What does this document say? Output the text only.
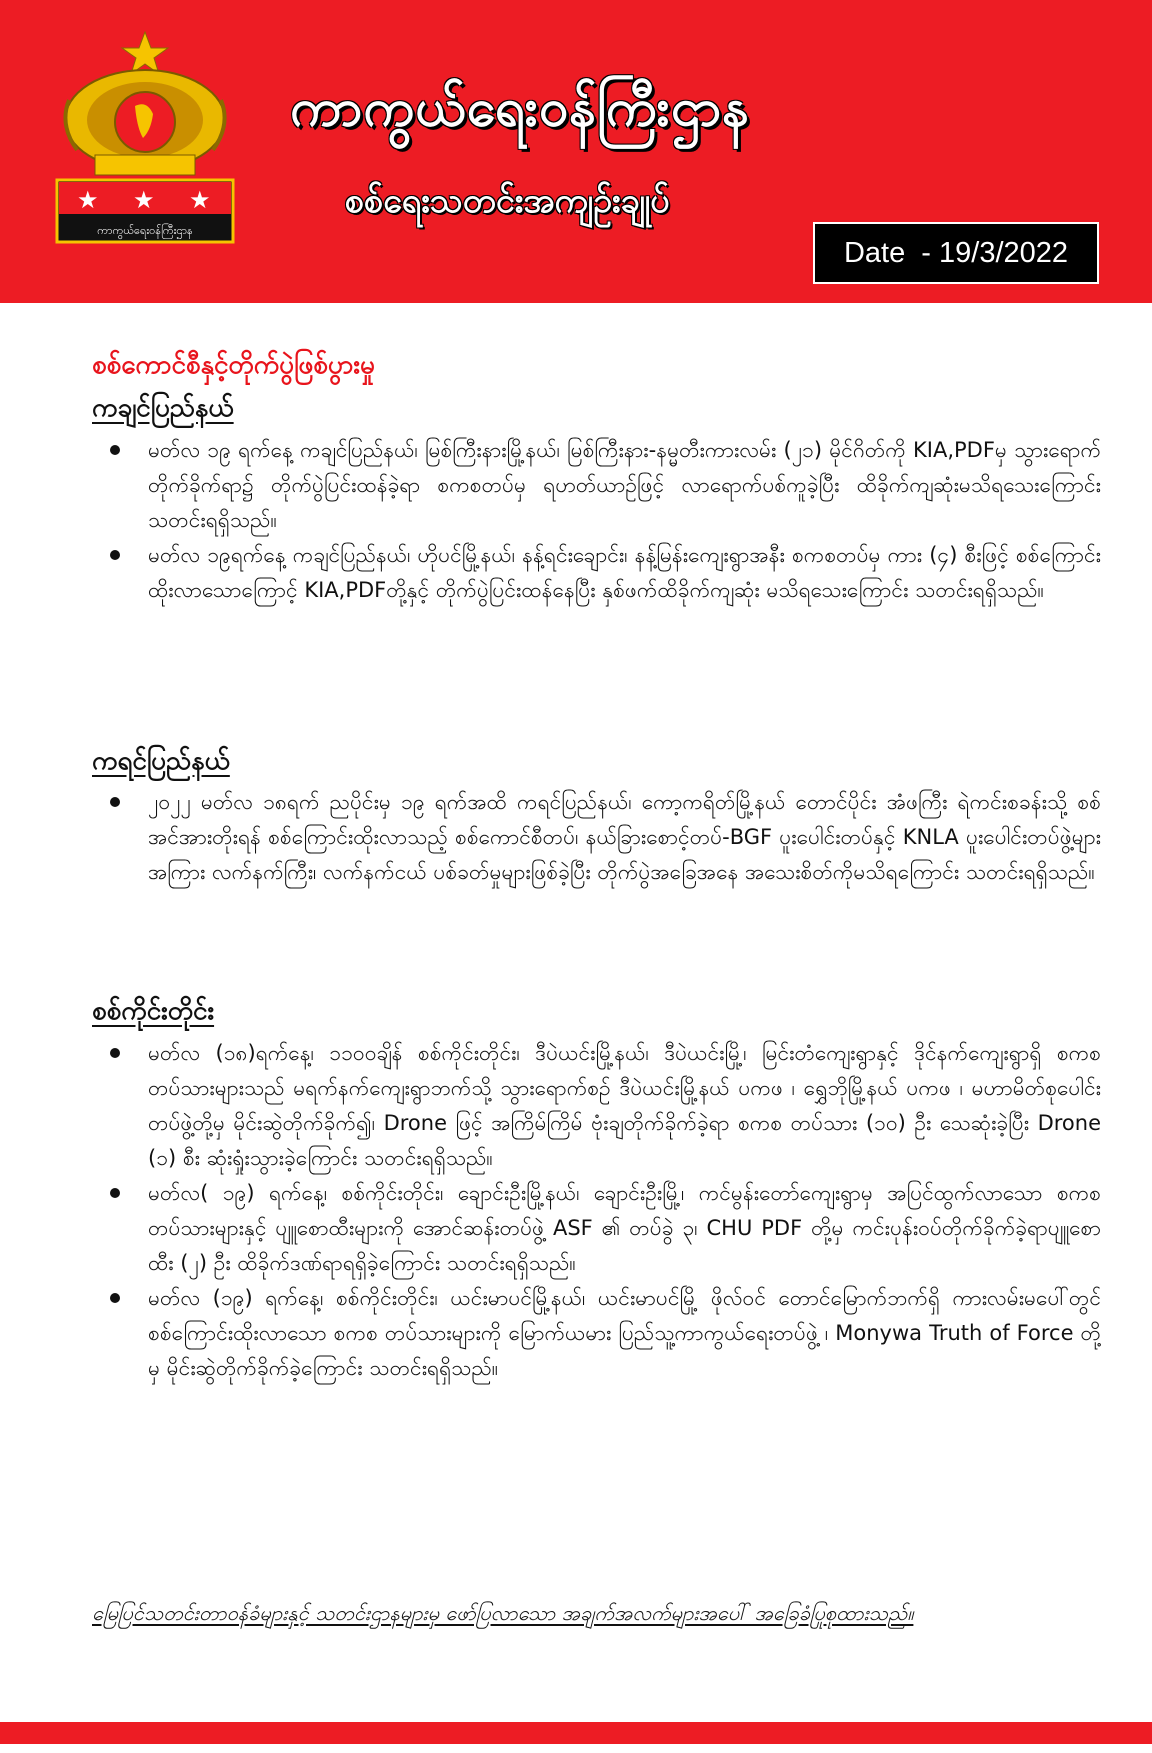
★ ★ ★
ကာကွယ်ရေးဝန်ကြီးဌာန
ကာကွယ်ရေးဝန်ကြီးဌာန
စစ်ရေးသတင်းအကျဉ်းချုပ်
Date  - 19/3/2022
စစ်ကောင်စီနှင့်တိုက်ပွဲဖြစ်ပွားမှု
ကချင်ပြည်နယ်
မတ်လ ၁၉ ရက်နေ့ ကချင်ပြည်နယ်၊ မြစ်ကြီးနားမြို့နယ်၊ မြစ်ကြီးနား-နမ္မတီးကားလမ်း (၂၁) မိုင်ဂိတ်ကို KIA,PDFမှ သွားရောက်တိုက်ခိုက်ရာ၌ တိုက်ပွဲပြင်းထန်ခဲ့ရာ စကစတပ်မှ ရဟတ်ယာဉ်ဖြင့် လာရောက်ပစ်ကူခဲ့ပြီး ထိခိုက်ကျဆုံးမသိရသေးကြောင်း သတင်းရရှိသည်။
မတ်လ ၁၉ရက်နေ့ ကချင်ပြည်နယ်၊ ဟိုပင်မြို့နယ်၊ နန့်ရင်းချောင်း၊ နန့်မြန်းကျေးရွာအနီး စကစတပ်မှ ကား (၄) စီးဖြင့် စစ်ကြောင်းထိုးလာသောကြောင့် KIA,PDFတို့နှင့် တိုက်ပွဲပြင်းထန်နေပြီး နှစ်ဖက်ထိခိုက်ကျဆုံး မသိရသေးကြောင်း သတင်းရရှိသည်။
ကရင်ပြည်နယ်
၂၀၂၂ မတ်လ ၁၈ရက် ညပိုင်းမှ ၁၉ ရက်အထိ ကရင်ပြည်နယ်၊ ကော့ကရိတ်မြို့နယ် တောင်ပိုင်း အံဖကြီး ရဲကင်းစခန်းသို့ စစ်အင်အားတိုးရန် စစ်ကြောင်းထိုးလာသည့် စစ်ကောင်စီတပ်၊ နယ်ခြားစောင့်တပ်-BGF ပူးပေါင်းတပ်နှင့် KNLA ပူးပေါင်းတပ်ဖွဲ့များအကြား လက်နက်ကြီး၊ လက်နက်ငယ် ပစ်ခတ်မှုများဖြစ်ခဲ့ပြီး တိုက်ပွဲအခြေအနေ အသေးစိတ်ကိုမသိရကြောင်း သတင်းရရှိသည်။
စစ်ကိုင်းတိုင်း
မတ်လ (၁၈)ရက်နေ့၊ ၁၁၀၀ချိန် စစ်ကိုင်းတိုင်း၊ ဒီပဲယင်းမြို့နယ်၊ ဒီပဲယင်းမြို့၊ မြင်းတံကျေးရွာနှင့် ဒိုင်နက်ကျေးရွာရှိ စကစ တပ်သားများသည် မရက်နက်ကျေးရွာဘက်သို့ သွားရောက်စဉ် ဒီပဲယင်းမြို့နယ် ပကဖ ၊ ရွှေဘိုမြို့နယ် ပကဖ ၊ မဟာမိတ်စုပေါင်းတပ်ဖွဲ့တို့မှ မိုင်းဆွဲတိုက်ခိုက်၍၊ Drone ဖြင့် အကြိမ်ကြိမ် ဗုံးချတိုက်ခိုက်ခဲ့ရာ စကစ တပ်သား (၁၀) ဦး သေဆုံးခဲ့ပြီး Drone (၁) စီး ဆုံးရှုံးသွားခဲ့ကြောင်း သတင်းရရှိသည်။
မတ်လ( ၁၉) ရက်နေ့၊ စစ်ကိုင်းတိုင်း၊ ချောင်းဦးမြို့နယ်၊ ချောင်းဦးမြို့၊ ကင်မွန်းတော်ကျေးရွာမှ အပြင်ထွက်လာသော စကစတပ်သားများနှင့် ပျူစောထီးများကို အောင်ဆန်းတပ်ဖွဲ့ ASF ၏ တပ်ခွဲ ၃၊ CHU PDF တို့မှ ကင်းပုန်းဝပ်တိုက်ခိုက်ခဲ့ရာပျူစောထီး (၂) ဦး ထိခိုက်ဒဏ်ရာရရှိခဲ့ကြောင်း သတင်းရရှိသည်။
မတ်လ (၁၉) ရက်နေ့၊ စစ်ကိုင်းတိုင်း၊ ယင်းမာပင်မြို့နယ်၊ ယင်းမာပင်မြို့ ဖိုလ်ဝင် တောင်မြောက်ဘက်ရှိ ကားလမ်းမပေါ်တွင် စစ်ကြောင်းထိုးလာသော စကစ တပ်သားများကို မြောက်ယမား ပြည်သူ့ကာကွယ်ရေးတပ်ဖွဲ့ ၊ Monywa Truth of Force တို့မှ မိုင်းဆွဲတိုက်ခိုက်ခဲ့ကြောင်း သတင်းရရှိသည်။
မြေပြင်သတင်းတာဝန်ခံများနှင့် သတင်းဌာနများမှ ဖော်ပြလာသော အချက်အလက်များအပေါ် အခြေခံပြုစုထားသည်။
